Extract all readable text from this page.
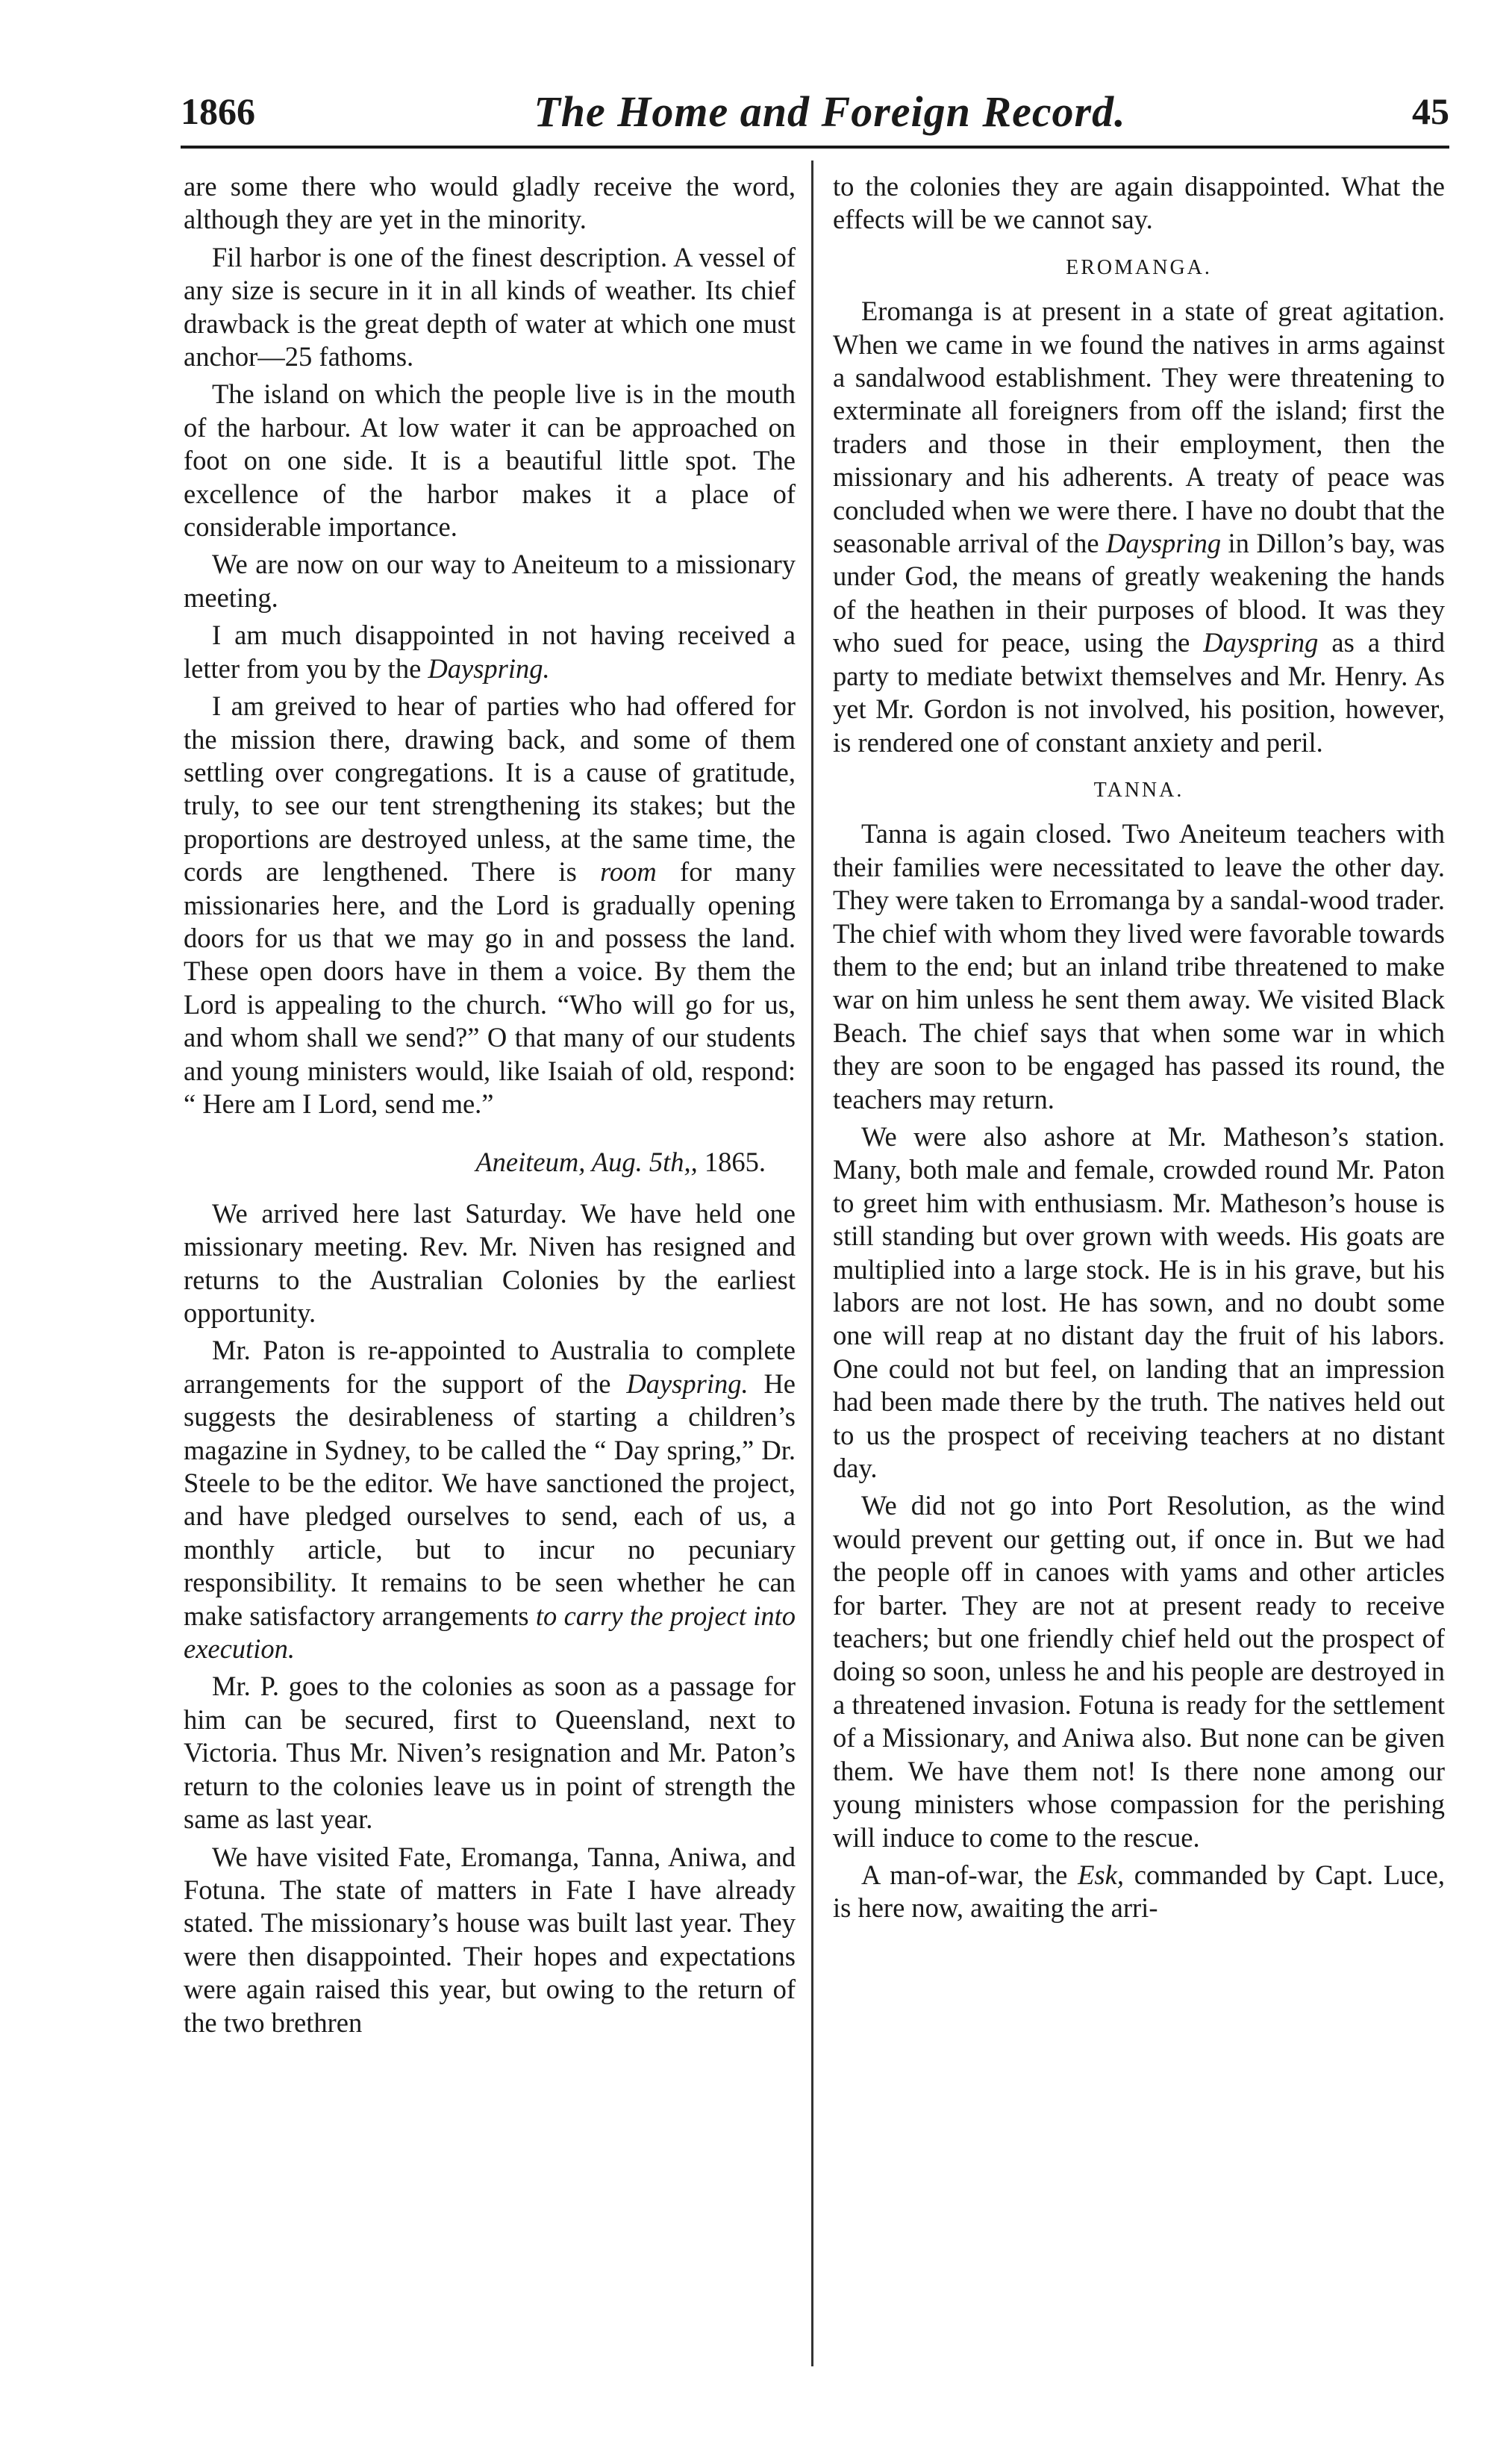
1866	The Home and Foreign Record.	45

are some there who would gladly receive the word, although they are yet in the minority.

Fil harbor is one of the finest description. A vessel of any size is secure in it in all kinds of weather. Its chief drawback is the great depth of water at which one must anchor—25 fathoms.

The island on which the people live is in the mouth of the harbour. At low water it can be approached on foot on one side. It is a beautiful little spot. The excellence of the harbor makes it a place of considerable importance.

We are now on our way to Aneiteum to a missionary meeting.

I am much disappointed in not having received a letter from you by the Dayspring.

I am greived to hear of parties who had offered for the mission there, drawing back, and some of them settling over congregations. It is a cause of gratitude, truly, to see our tent strengthening its stakes; but the proportions are destroyed unless, at the same time, the cords are lengthened. There is room for many missionaries here, and the Lord is gradually opening doors for us that we may go in and possess the land. These open doors have in them a voice. By them the Lord is appealing to the church. “Who will go for us, and whom shall we send?” O that many of our students and young ministers would, like Isaiah of old, respond: “ Here am I Lord, send me.”

Aneiteum, Aug. 5th,, 1865.

We arrived here last Saturday. We have held one missionary meeting. Rev. Mr. Niven has resigned and returns to the Australian Colonies by the earliest opportunity.

Mr. Paton is re-appointed to Australia to complete arrangements for the support of the Dayspring. He suggests the desirableness of starting a children’s magazine in Sydney, to be called the “ Day spring,” Dr. Steele to be the editor. We have sanctioned the project, and have pledged ourselves to send, each of us, a monthly article, but to incur no pecuniary responsibility. It remains to be seen whether he can make satisfactory arrangements to carry the project into execution.

Mr. P. goes to the colonies as soon as a passage for him can be secured, first to Queensland, next to Victoria. Thus Mr. Niven’s resignation and Mr. Paton’s return to the colonies leave us in point of strength the same as last year.

We have visited Fate, Eromanga, Tanna, Aniwa, and Fotuna. The state of matters in Fate I have already stated. The missionary’s house was built last year. They were then disappointed. Their hopes and expectations were again raised this year, but owing to the return of the two brethren

to the colonies they are again disappointed. What the effects will be we cannot say.

EROMANGA.

Eromanga is at present in a state of great agitation. When we came in we found the natives in arms against a sandalwood establishment. They were threatening to exterminate all foreigners from off the island; first the traders and those in their employment, then the missionary and his adherents. A treaty of peace was concluded when we were there. I have no doubt that the seasonable arrival of the Dayspring in Dillon’s bay, was under God, the means of greatly weakening the hands of the heathen in their purposes of blood. It was they who sued for peace, using the Dayspring as a third party to mediate betwixt themselves and Mr. Henry. As yet Mr. Gordon is not involved, his position, however, is rendered one of constant anxiety and peril.

TANNA.

Tanna is again closed. Two Aneiteum teachers with their families were necessitated to leave the other day. They were taken to Erromanga by a sandal-wood trader. The chief with whom they lived were favorable towards them to the end; but an inland tribe threatened to make war on him unless he sent them away. We visited Black Beach. The chief says that when some war in which they are soon to be engaged has passed its round, the teachers may return.

We were also ashore at Mr. Matheson’s station. Many, both male and female, crowded round Mr. Paton to greet him with enthusiasm. Mr. Matheson’s house is still standing but over grown with weeds. His goats are multiplied into a large stock. He is in his grave, but his labors are not lost. He has sown, and no doubt some one will reap at no distant day the fruit of his labors. One could not but feel, on landing that an impression had been made there by the truth. The natives held out to us the prospect of receiving teachers at no distant day.

We did not go into Port Resolution, as the wind would prevent our getting out, if once in. But we had the people off in canoes with yams and other articles for barter. They are not at present ready to receive teachers; but one friendly chief held out the prospect of doing so soon, unless he and his people are destroyed in a threatened invasion. Fotuna is ready for the settlement of a Missionary, and Aniwa also. But none can be given them. We have them not! Is there none among our young ministers whose compassion for the perishing will induce to come to the rescue.

A man-of-war, the Esk, commanded by Capt. Luce, is here now, awaiting the arri-
